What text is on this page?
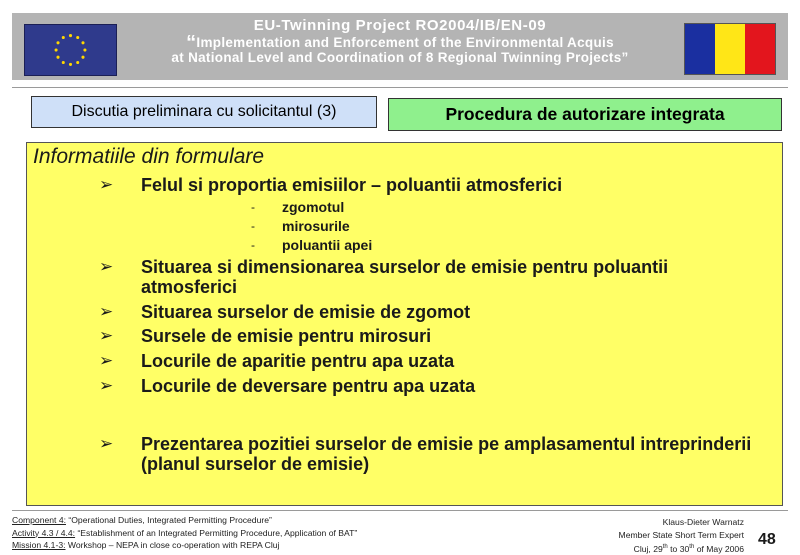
EU-Twinning Project RO2004/IB/EN-09
“Implementation and Enforcement of the Environmental Acquis
at National Level and Coordination of 8 Regional Twinning Projects”
Discutia preliminara cu solicitantul (3)	Procedura de autorizare integrata
Informatiile din formulare
➢ Felul si proportia emisiilor – poluantii atmosferici
- zgomotul
- mirosurile
- poluantii apei
➢ Situarea si dimensionarea surselor de emisie pentru poluantii atmosferici
➢ Situarea surselor de emisie de zgomot
➢ Sursele de emisie pentru mirosuri
➢ Locurile de aparitie pentru apa uzata
➢ Locurile de deversare pentru apa uzata
➢ Prezentarea pozitiei surselor de emisie pe amplasamentul intreprinderii (planul surselor de emisie)
Component 4: “Operational Duties, Integrated Permitting Procedure”
Activity 4.3 / 4.4: “Establishment of an Integrated Permitting Procedure, Application of BAT”
Mission 4.1-3: Workshop – NEPA in close co-operation with REPA Cluj
Klaus-Dieter Warnatz
Member State Short Term Expert
Cluj, 29th to 30th of May 2006
48
